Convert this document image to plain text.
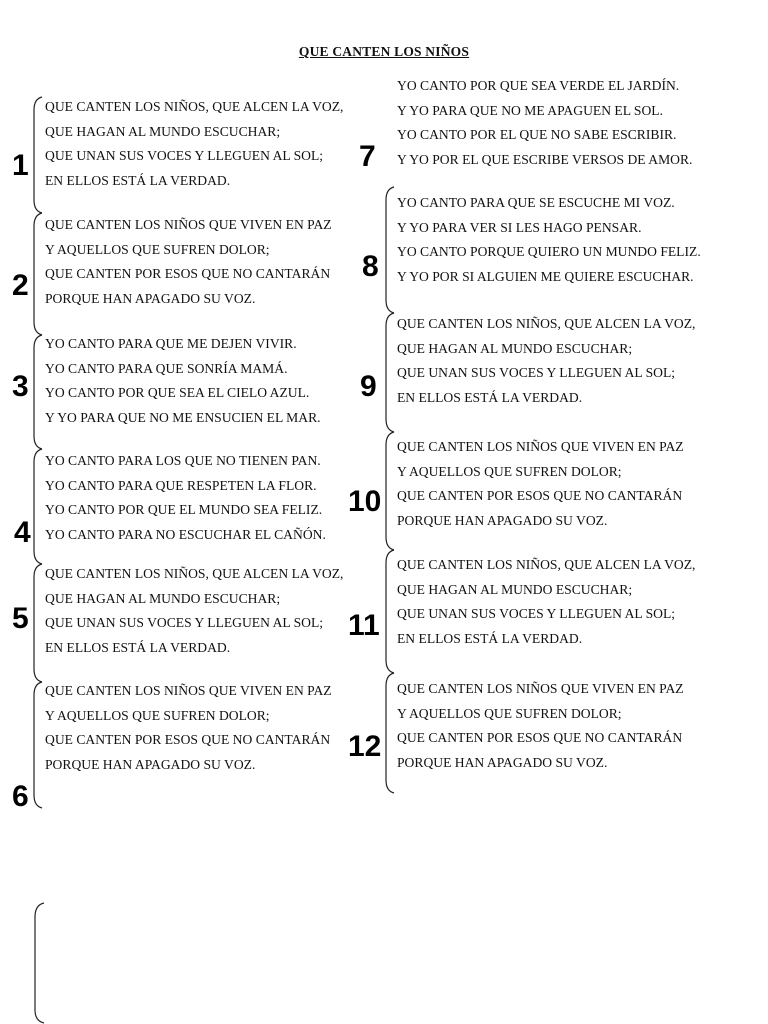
QUE CANTEN LOS NIÑOS
1
QUE CANTEN LOS NIÑOS, QUE ALCEN LA VOZ,
QUE HAGAN AL MUNDO ESCUCHAR;
QUE UNAN SUS VOCES Y LLEGUEN AL SOL;
EN ELLOS ESTÁ LA VERDAD.
2
QUE CANTEN LOS NIÑOS QUE VIVEN EN PAZ
Y AQUELLOS QUE SUFREN DOLOR;
QUE CANTEN POR ESOS QUE NO CANTARÁN
PORQUE HAN APAGADO SU VOZ.
3
YO CANTO PARA QUE ME DEJEN VIVIR.
YO CANTO PARA QUE SONRÍA MAMÁ.
YO CANTO POR QUE SEA EL CIELO AZUL.
Y YO PARA QUE NO ME ENSUCIEN EL MAR.
4
YO CANTO PARA LOS QUE NO TIENEN PAN.
YO CANTO PARA QUE RESPETEN LA FLOR.
YO CANTO POR QUE EL MUNDO SEA FELIZ.
YO CANTO PARA NO ESCUCHAR EL CAÑÓN.
5
QUE CANTEN LOS NIÑOS, QUE ALCEN LA VOZ,
QUE HAGAN AL MUNDO ESCUCHAR;
QUE UNAN SUS VOCES Y LLEGUEN AL SOL;
EN ELLOS ESTÁ LA VERDAD.
6
QUE CANTEN LOS NIÑOS QUE VIVEN EN PAZ
Y AQUELLOS QUE SUFREN DOLOR;
QUE CANTEN POR ESOS QUE NO CANTARÁN
PORQUE HAN APAGADO SU VOZ.
7
YO CANTO POR QUE SEA VERDE EL JARDÍN.
Y YO PARA QUE NO ME APAGUEN EL SOL.
YO CANTO POR EL QUE NO SABE ESCRIBIR.
Y YO POR EL QUE ESCRIBE VERSOS DE AMOR.
8
YO CANTO PARA QUE SE ESCUCHE MI VOZ.
Y YO PARA VER SI LES HAGO PENSAR.
YO CANTO PORQUE QUIERO UN MUNDO FELIZ.
Y YO POR SI ALGUIEN ME QUIERE ESCUCHAR.
9
QUE CANTEN LOS NIÑOS, QUE ALCEN LA VOZ,
QUE HAGAN AL MUNDO ESCUCHAR;
QUE UNAN SUS VOCES Y LLEGUEN AL SOL;
EN ELLOS ESTÁ LA VERDAD.
10
QUE CANTEN LOS NIÑOS QUE VIVEN EN PAZ
Y AQUELLOS QUE SUFREN DOLOR;
QUE CANTEN POR ESOS QUE NO CANTARÁN
PORQUE HAN APAGADO SU VOZ.
11
QUE CANTEN LOS NIÑOS, QUE ALCEN LA VOZ,
QUE HAGAN AL MUNDO ESCUCHAR;
QUE UNAN SUS VOCES Y LLEGUEN AL SOL;
EN ELLOS ESTÁ LA VERDAD.
12
QUE CANTEN LOS NIÑOS QUE VIVEN EN PAZ
Y AQUELLOS QUE SUFREN DOLOR;
QUE CANTEN POR ESOS QUE NO CANTARÁN
PORQUE HAN APAGADO SU VOZ.
